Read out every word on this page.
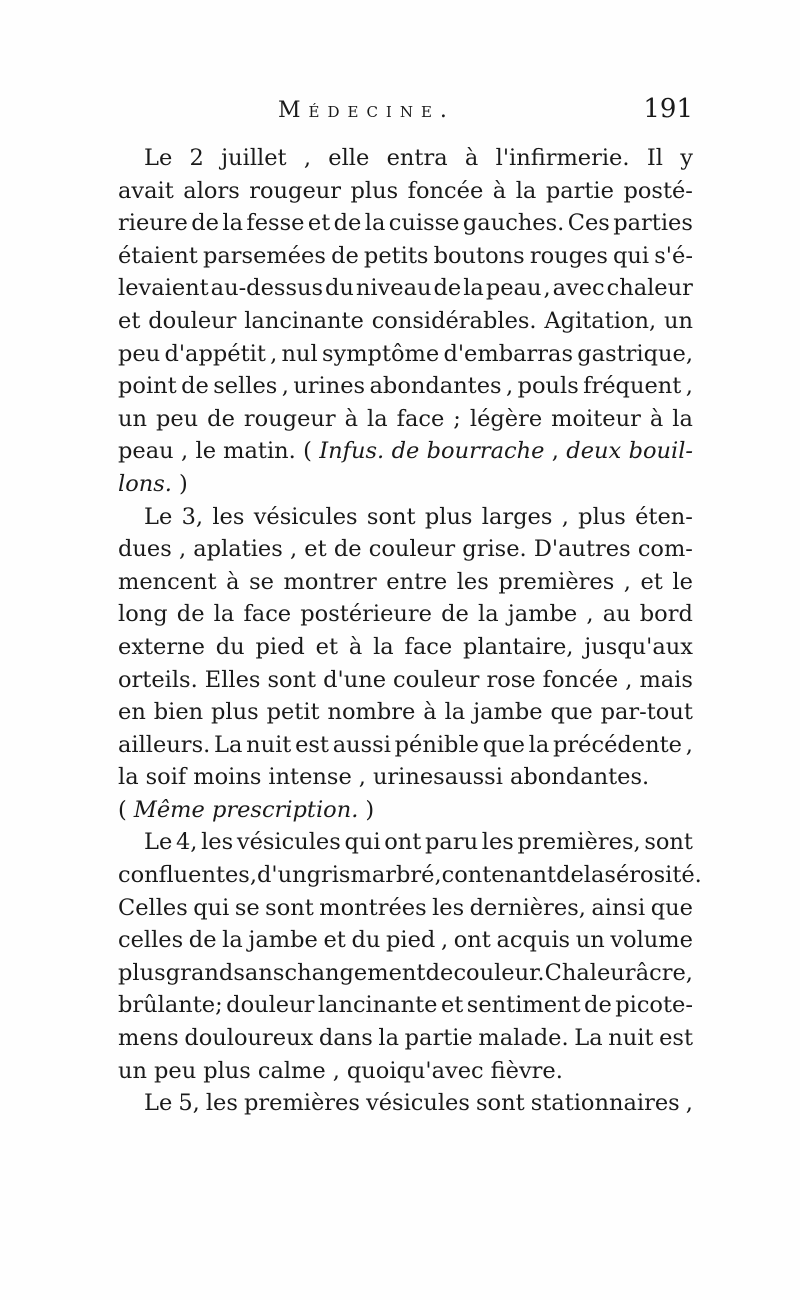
Médecine.	191
Le 2 juillet , elle entra à l'infirmerie. Il y
avait alors rougeur plus foncée à la partie posté-
rieure de la fesse et de la cuisse gauches. Ces parties
étaient parsemées de petits boutons rouges qui s'é-
levaient au-dessus du niveau de la peau , avec chaleur
et douleur lancinante considérables. Agitation, un
peu d'appétit , nul symptôme d'embarras gastrique,
point de selles , urines abondantes , pouls fréquent ,
un peu de rougeur à la face ; légère moiteur à la
peau , le matin. ( Infus. de bourrache , deux bouil-
lons. )
Le 3, les vésicules sont plus larges , plus éten-
dues , aplaties , et de couleur grise. D'autres com-
mencent à se montrer entre les premières , et le
long de la face postérieure de la jambe , au bord
externe du pied et à la face plantaire, jusqu'aux
orteils. Elles sont d'une couleur rose foncée , mais
en bien plus petit nombre à la jambe que par-tout
ailleurs. La nuit est aussi pénible que la précédente ,
la soif moins intense , urinesaussi abondantes.
( Même prescription. )
Le 4, les vésicules qui ont paru les premières, sont
confluentes, d'un gris marbré, contenant de la sérosité.
Celles qui se sont montrées les dernières, ainsi que
celles de la jambe et du pied , ont acquis un volume
plus grand sans changement de couleur. Chaleur âcre,
brûlante; douleur lancinante et sentiment de picote-
mens douloureux dans la partie malade. La nuit est
un peu plus calme , quoiqu'avec fièvre.
Le 5, les premières vésicules sont stationnaires ,
